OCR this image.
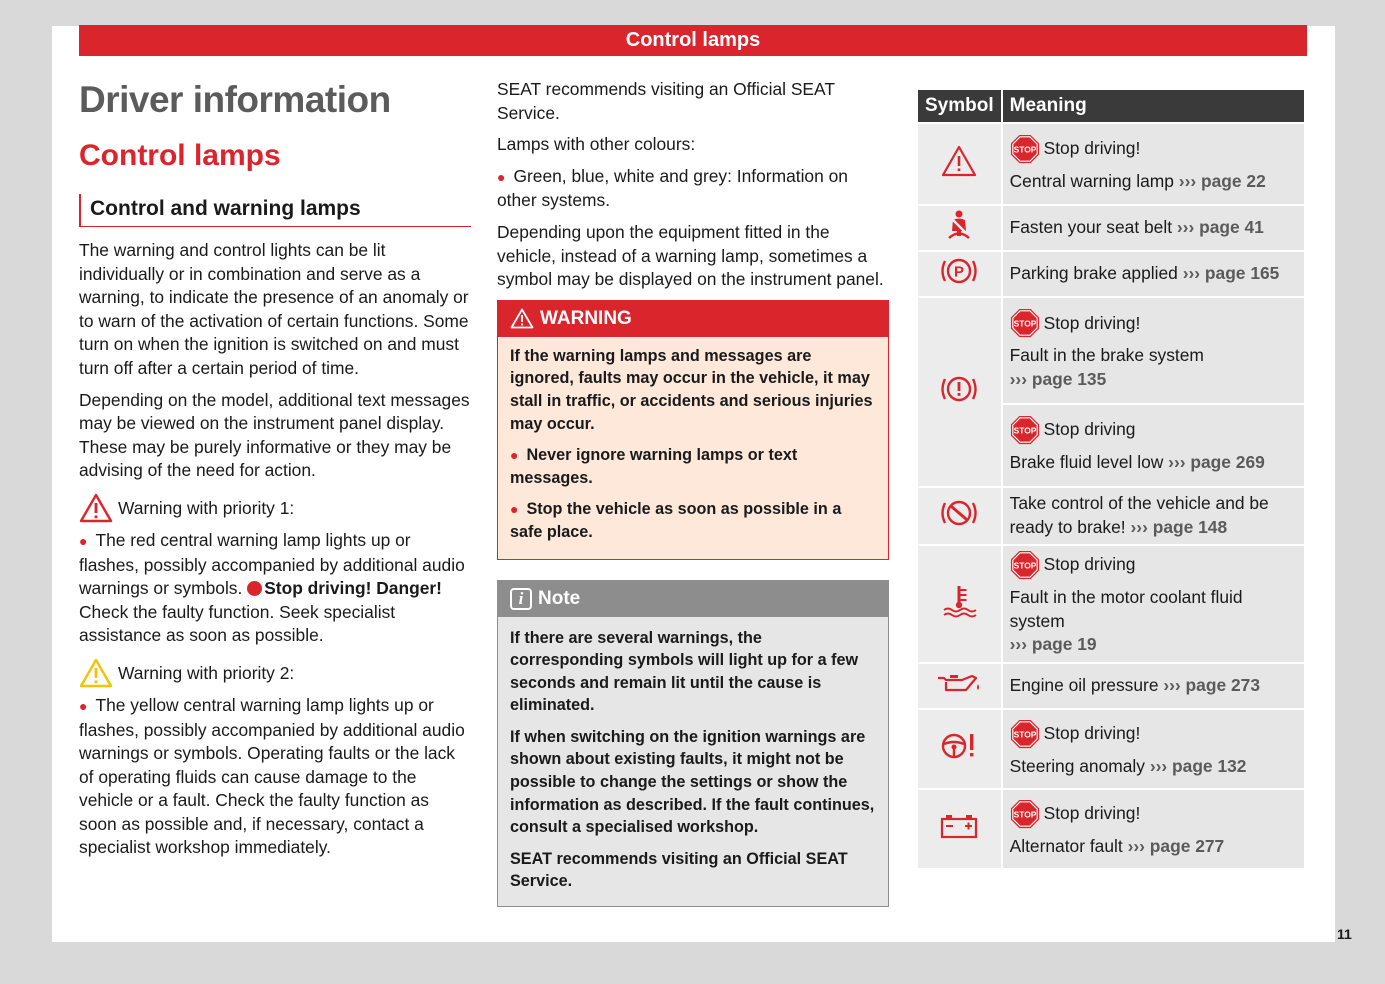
Control lamps
Driver information
Control lamps
Control and warning lamps

The warning and control lights can be lit individually or in combination and serve as a warning, to indicate the presence of an anomaly or to warn of the activation of certain functions. Some turn on when the ignition is switched on and must turn off after a certain period of time.

Depending on the model, additional text messages may be viewed on the instrument panel display. These may be purely informative or they may be advising of the need for action.

Warning with priority 1:

● The red central warning lamp lights up or flashes, possibly accompanied by additional audio warnings or symbols. Stop driving! Danger! Check the faulty function. Seek specialist assistance as soon as possible.

Warning with priority 2:

● The yellow central warning lamp lights up or flashes, possibly accompanied by additional audio warnings or symbols. Operating faults or the lack of operating fluids can cause damage to the vehicle or a fault. Check the faulty function as soon as possible and, if necessary, contact a specialist workshop immediately.

SEAT recommends visiting an Official SEAT Service.

Lamps with other colours:

● Green, blue, white and grey: Information on other systems.

Depending upon the equipment fitted in the vehicle, instead of a warning lamp, sometimes a symbol may be displayed on the instrument panel.

WARNING

If the warning lamps and messages are ignored, faults may occur in the vehicle, it may stall in traffic, or accidents and serious injuries may occur.

● Never ignore warning lamps or text messages.

● Stop the vehicle as soon as possible in a safe place.

i Note

If there are several warnings, the corresponding symbols will light up for a few seconds and remain lit until the cause is eliminated.

If when switching on the ignition warnings are shown about existing faults, it might not be possible to change the settings or show the information as described. If the fault continues, consult a specialised workshop.

SEAT recommends visiting an Official SEAT Service.

Symbol	Meaning

STOP Stop driving!
Central warning lamp ››› page 22

	Fasten your seat belt ››› page 41

P	Parking brake applied ››› page 165

STOP Stop driving!
Fault in the brake system
››› page 135

STOP Stop driving
Brake fluid level low ››› page 269

	Take control of the vehicle and be ready to brake! ››› page 148

STOP Stop driving
Fault in the motor coolant fluid system
››› page 19

	Engine oil pressure ››› page 273

STOP Stop driving!
Steering anomaly ››› page 132

STOP Stop driving!
Alternator fault ››› page 277
11
